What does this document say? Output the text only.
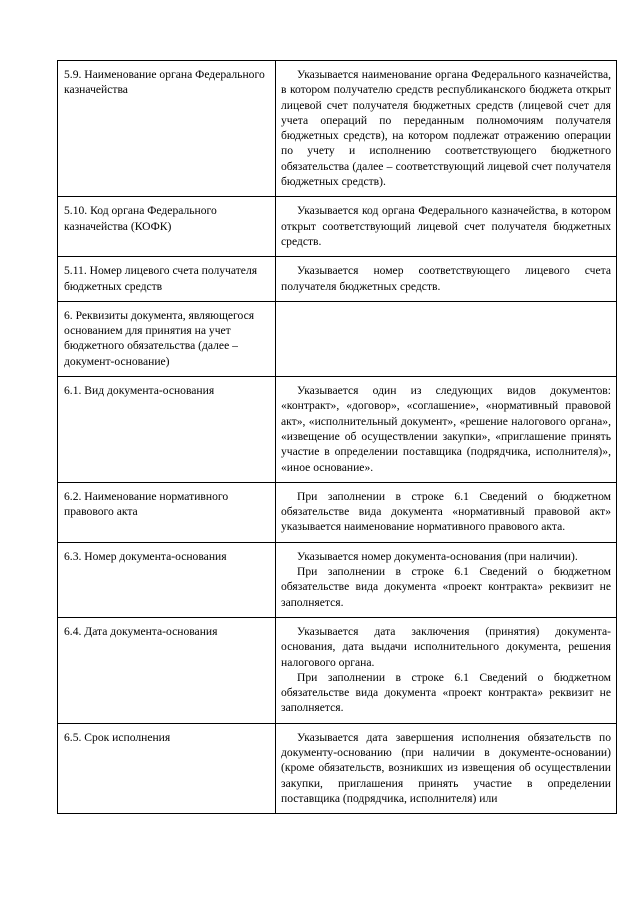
5.9. Наименование органа Федерального казначейства	Указывается наименование органа Федерального казначейства, в котором получателю средств республиканского бюджета открыт лицевой счет получателя бюджетных средств (лицевой счет для учета операций по переданным полномочиям получателя бюджетных средств), на котором подлежат отражению операции по учету и исполнению соответствующего бюджетного обязательства (далее – соответствующий лицевой счет получателя бюджетных средств).

5.10. Код органа Федерального казначейства (КОФК)	Указывается код органа Федерального казначейства, в котором открыт соответствующий лицевой счет получателя бюджетных средств.

5.11. Номер лицевого счета получателя бюджетных средств	Указывается номер соответствующего лицевого счета получателя бюджетных средств.

6. Реквизиты документа, являющегося основанием для принятия на учет бюджетного обязательства (далее – документ-основание)	

6.1. Вид документа-основания	Указывается один из следующих видов документов: «контракт», «договор», «соглашение», «нормативный правовой акт», «исполнительный документ», «решение налогового органа», «извещение об осуществлении закупки», «приглашение принять участие в определении поставщика (подрядчика, исполнителя)», «иное основание».

6.2. Наименование нормативного правового акта	При заполнении в строке 6.1 Сведений о бюджетном обязательстве вида документа «нормативный правовой акт» указывается наименование нормативного правового акта.

6.3. Номер документа-основания	Указывается номер документа-основания (при наличии).

При заполнении в строке 6.1 Сведений о бюджетном обязательстве вида документа «проект контракта» реквизит не заполняется.

6.4. Дата документа-основания	Указывается дата заключения (принятия) документа-основания, дата выдачи исполнительного документа, решения налогового органа.

При заполнении в строке 6.1 Сведений о бюджетном обязательстве вида документа «проект контракта» реквизит не заполняется.

6.5. Срок исполнения	Указывается дата завершения исполнения обязательств по документу-основанию (при наличии в документе-основании) (кроме обязательств, возникших из извещения об осуществлении закупки, приглашения принять участие в определении поставщика (подрядчика, исполнителя) или
